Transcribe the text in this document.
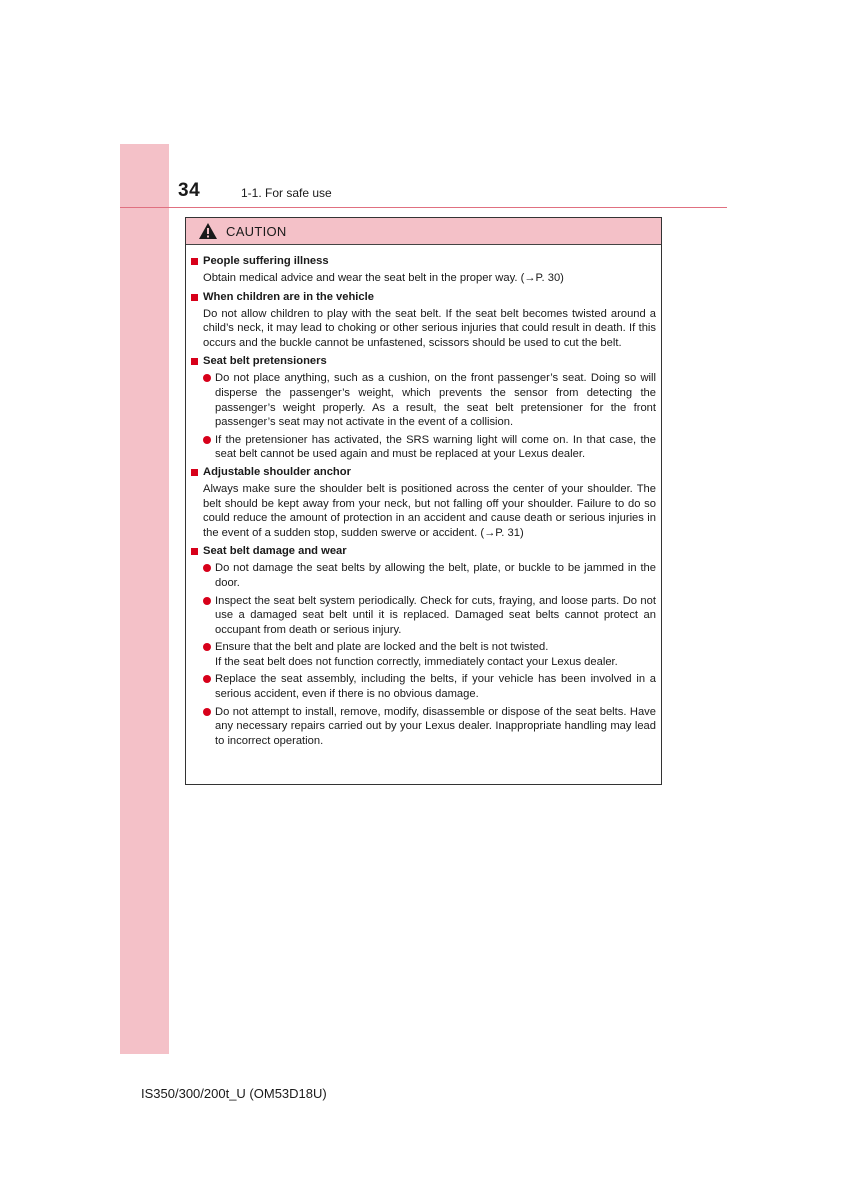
34	1-1. For safe use
CAUTION
People suffering illness
Obtain medical advice and wear the seat belt in the proper way. (→P. 30)
When children are in the vehicle
Do not allow children to play with the seat belt. If the seat belt becomes twisted around a child’s neck, it may lead to choking or other serious injuries that could result in death. If this occurs and the buckle cannot be unfastened, scissors should be used to cut the belt.
Seat belt pretensioners
Do not place anything, such as a cushion, on the front passenger’s seat. Doing so will disperse the passenger’s weight, which prevents the sensor from detecting the passenger’s weight properly. As a result, the seat belt pretensioner for the front passenger’s seat may not activate in the event of a collision.
If the pretensioner has activated, the SRS warning light will come on. In that case, the seat belt cannot be used again and must be replaced at your Lexus dealer.
Adjustable shoulder anchor
Always make sure the shoulder belt is positioned across the center of your shoulder. The belt should be kept away from your neck, but not falling off your shoulder. Failure to do so could reduce the amount of protection in an accident and cause death or serious injuries in the event of a sudden stop, sudden swerve or accident. (→P. 31)
Seat belt damage and wear
Do not damage the seat belts by allowing the belt, plate, or buckle to be jammed in the door.
Inspect the seat belt system periodically. Check for cuts, fraying, and loose parts. Do not use a damaged seat belt until it is replaced. Damaged seat belts cannot protect an occupant from death or serious injury.
Ensure that the belt and plate are locked and the belt is not twisted.
If the seat belt does not function correctly, immediately contact your Lexus dealer.
Replace the seat assembly, including the belts, if your vehicle has been involved in a serious accident, even if there is no obvious damage.
Do not attempt to install, remove, modify, disassemble or dispose of the seat belts. Have any necessary repairs carried out by your Lexus dealer. Inappropriate handling may lead to incorrect operation.
IS350/300/200t_U (OM53D18U)
